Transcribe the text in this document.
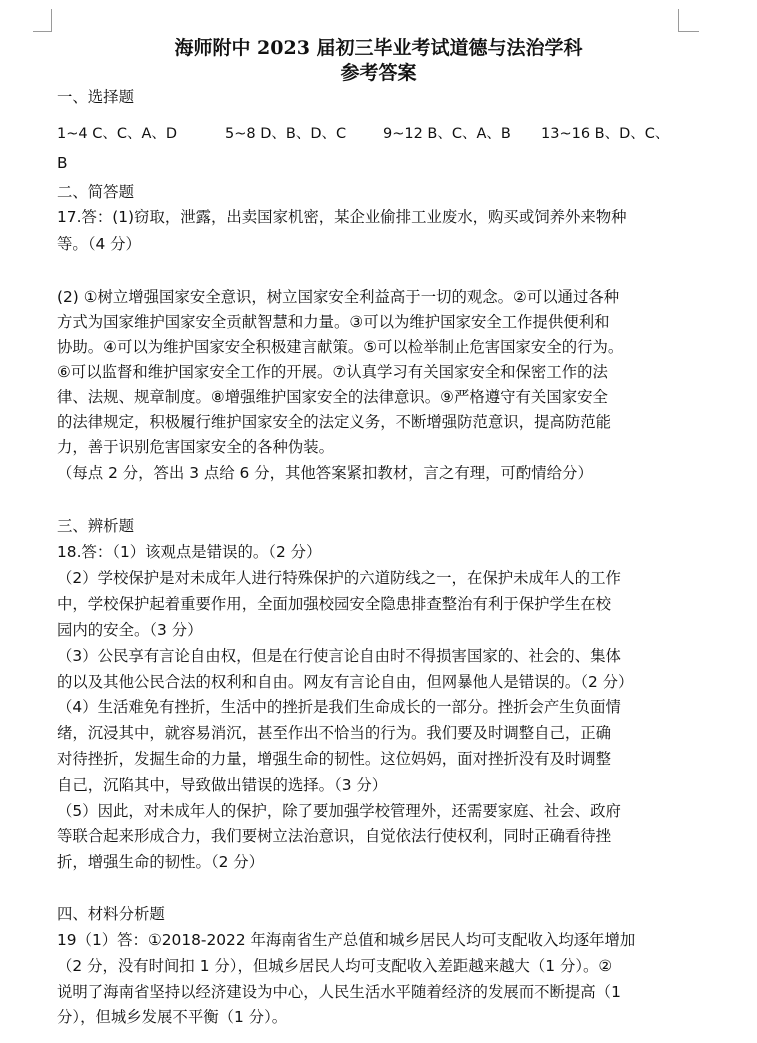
海师附中 2023 届初三毕业考试道德与法治学科
参考答案
一、选择题
1~4 C、C、A、D	5~8 D、B、D、C	9~12 B、C、A、B 13~16 B、D、C、
B
二、简答题
17.答：(1)窃取，泄露，出卖国家机密，某企业偷排工业废水，购买或饲养外来物种
等。（4 分）
(2) ①树立增强国家安全意识，树立国家安全利益高于一切的观念。②可以通过各种
方式为国家维护国家安全贡献智慧和力量。③可以为维护国家安全工作提供便利和
协助。④可以为维护国家安全积极建言献策。⑤可以检举制止危害国家安全的行为。
⑥可以监督和维护国家安全工作的开展。⑦认真学习有关国家安全和保密工作的法
律、法规、规章制度。⑧增强维护国家安全的法律意识。⑨严格遵守有关国家安全
的法律规定，积极履行维护国家安全的法定义务，不断增强防范意识，提高防范能
力，善于识别危害国家安全的各种伪装。
（每点 2 分，答出 3 点给 6 分，其他答案紧扣教材，言之有理，可酌情给分）
三、辨析题
18.答：（1）该观点是错误的。（2 分）
（2）学校保护是对未成年人进行特殊保护的六道防线之一，在保护未成年人的工作
中，学校保护起着重要作用，全面加强校园安全隐患排查整治有利于保护学生在校
园内的安全。（3 分）
（3）公民享有言论自由权，但是在行使言论自由时不得损害国家的、社会的、集体
的以及其他公民合法的权利和自由。网友有言论自由，但网暴他人是错误的。（2 分）
（4）生活难免有挫折，生活中的挫折是我们生命成长的一部分。挫折会产生负面情
绪，沉浸其中，就容易消沉，甚至作出不恰当的行为。我们要及时调整自己，正确
对待挫折，发掘生命的力量，增强生命的韧性。这位妈妈，面对挫折没有及时调整
自己，沉陷其中，导致做出错误的选择。（3 分）
（5）因此，对未成年人的保护，除了要加强学校管理外，还需要家庭、社会、政府
等联合起来形成合力，我们要树立法治意识，自觉依法行使权利，同时正确看待挫
折，增强生命的韧性。（2 分）
四、材料分析题
19（1）答：①2018-2022 年海南省生产总值和城乡居民人均可支配收入均逐年增加
（2 分，没有时间扣 1 分），但城乡居民人均可支配收入差距越来越大（1 分）。②
说明了海南省坚持以经济建设为中心，人民生活水平随着经济的发展而不断提高（1
分），但城乡发展不平衡（1 分）。
